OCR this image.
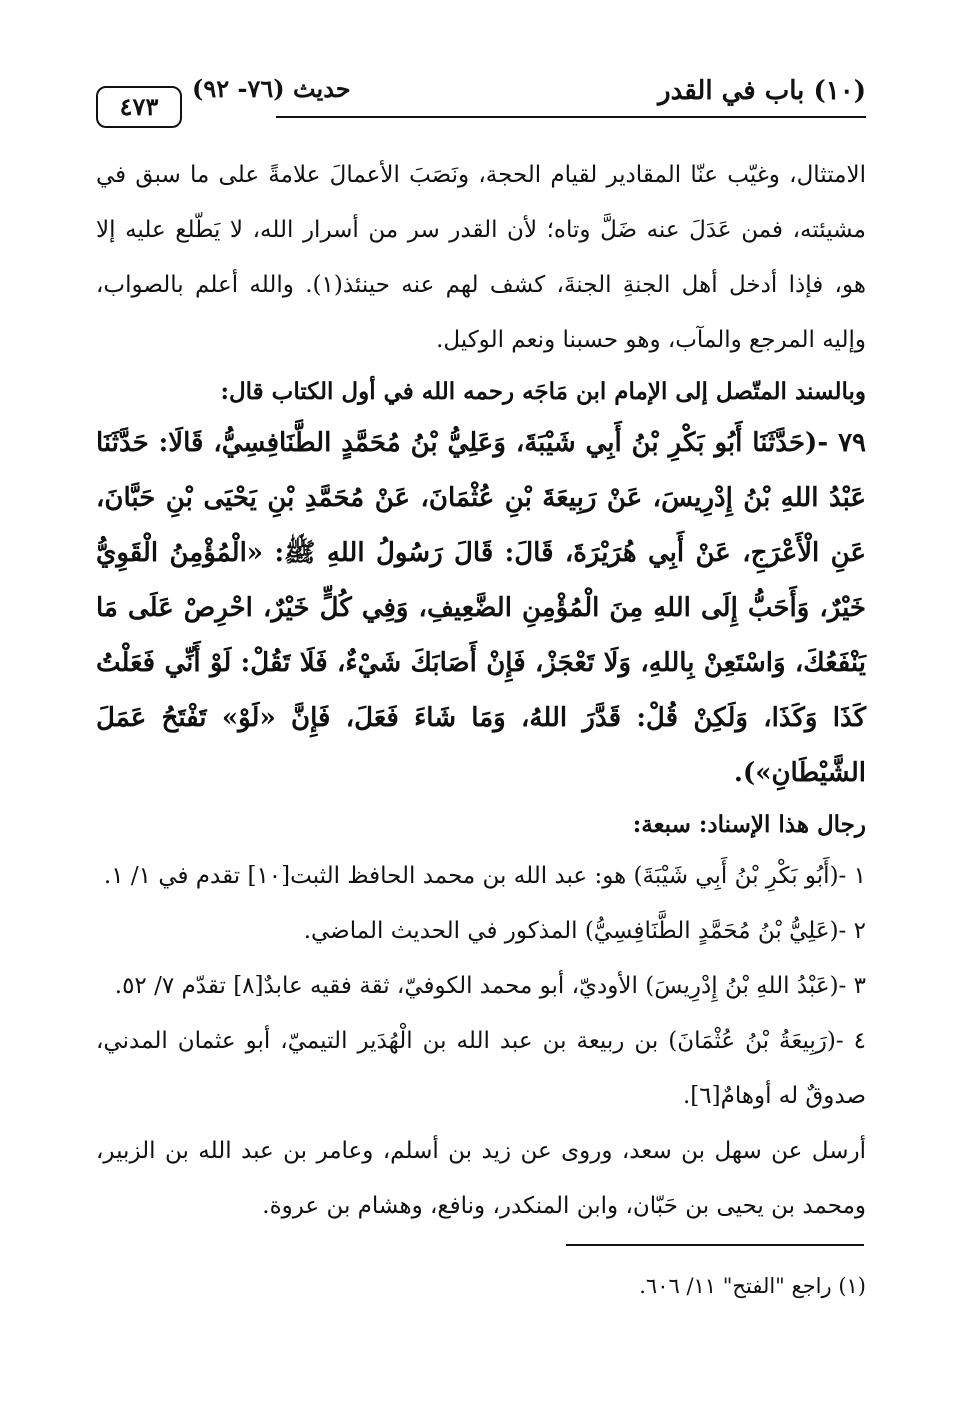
(١٠) باب في القدر
حديث (٧٦- ٩٢)
٤٧٣

الامتثال، وغيّب عنّا المقادير لقيام الحجة، ونَصَبَ الأعمالَ علامةً على ما سبق في مشيئته، فمن عَدَلَ عنه ضَلَّ وتاه؛ لأن القدر سر من أسرار الله، لا يَطّلع عليه إلا هو، فإذا أدخل أهل الجنةِ الجنةَ، كشف لهم عنه حينئذ(١). والله أعلم بالصواب، وإليه المرجع والمآب، وهو حسبنا ونعم الوكيل.

وبالسند المتّصل إلى الإمام ابن مَاجَه رحمه الله في أول الكتاب قال:

٧٩ -(حَدَّثَنَا أَبُو بَكْرِ بْنُ أَبِي شَيْبَةَ، وَعَلِيُّ بْنُ مُحَمَّدٍ الطَّنَافِسِيُّ، قَالَا: حَدَّثَنَا عَبْدُ اللهِ بْنُ إِدْرِيسَ، عَنْ رَبِيعَةَ بْنِ عُثْمَانَ، عَنْ مُحَمَّدِ بْنِ يَحْيَى بْنِ حَبَّانَ، عَنِ الْأَعْرَجِ، عَنْ أَبِي هُرَيْرَةَ، قَالَ: قَالَ رَسُولُ اللهِ ﷺ: «الْمُؤْمِنُ الْقَوِيُّ خَيْرٌ، وَأَحَبُّ إِلَى اللهِ مِنَ الْمُؤْمِنِ الضَّعِيفِ، وَفِي كُلٍّ خَيْرٌ، احْرِصْ عَلَى مَا يَنْفَعُكَ، وَاسْتَعِنْ بِاللهِ، وَلَا تَعْجَزْ، فَإِنْ أَصَابَكَ شَيْءٌ، فَلَا تَقُلْ: لَوْ أَنِّي فَعَلْتُ كَذَا وَكَذَا، وَلَكِنْ قُلْ: قَدَّرَ اللهُ، وَمَا شَاءَ فَعَلَ، فَإِنَّ «لَوْ» تَفْتَحُ عَمَلَ الشَّيْطَانِ»).

رجال هذا الإسناد: سبعة:

١ -(أَبُو بَكْرِ بْنُ أَبِي شَيْبَةَ) هو: عبد الله بن محمد الحافظ الثبت[١٠] تقدم في ١/ ١.

٢ -(عَلِيُّ بْنُ مُحَمَّدٍ الطَّنَافِسِيُّ) المذكور في الحديث الماضي.

٣ -(عَبْدُ اللهِ بْنُ إِدْرِيسَ) الأوديّ، أبو محمد الكوفيّ، ثقة فقيه عابدٌ[٨] تقدّم ٧/ ٥٢.

٤ -(رَبِيعَةُ بْنُ عُثْمَانَ) بن ربيعة بن عبد الله بن الْهُدَير التيميّ، أبو عثمان المدني، صدوقٌ له أوهامٌ[٦].

أرسل عن سهل بن سعد، وروى عن زيد بن أسلم، وعامر بن عبد الله بن الزبير، ومحمد بن يحيى بن حَبّان، وابن المنكدر، ونافع، وهشام بن عروة.

(١) راجع "الفتح" ١١/ ٦٠٦.
